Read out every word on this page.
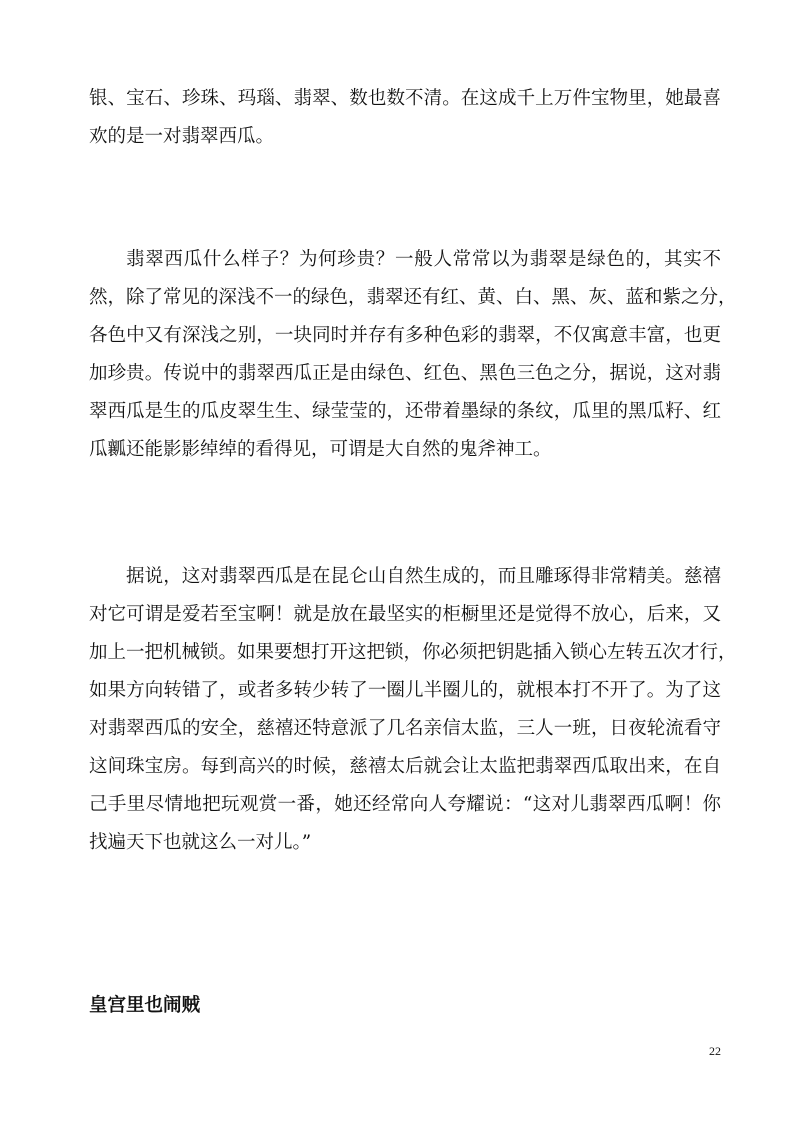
银、宝石、珍珠、玛瑙、翡翠、数也数不清。在这成千上万件宝物里，她最喜
欢的是一对翡翠西瓜。
翡翠西瓜什么样子？为何珍贵？一般人常常以为翡翠是绿色的，其实不
然，除了常见的深浅不一的绿色，翡翠还有红、黄、白、黑、灰、蓝和紫之分，
各色中又有深浅之别，一块同时并存有多种色彩的翡翠，不仅寓意丰富，也更
加珍贵。传说中的翡翠西瓜正是由绿色、红色、黑色三色之分，据说，这对翡
翠西瓜是生的瓜皮翠生生、绿莹莹的，还带着墨绿的条纹，瓜里的黑瓜籽、红
瓜瓤还能影影绰绰的看得见，可谓是大自然的鬼斧神工。
据说，这对翡翠西瓜是在昆仑山自然生成的，而且雕琢得非常精美。慈禧
对它可谓是爱若至宝啊！就是放在最坚实的柜橱里还是觉得不放心，后来，又
加上一把机械锁。如果要想打开这把锁，你必须把钥匙插入锁心左转五次才行，
如果方向转错了，或者多转少转了一圈儿半圈儿的，就根本打不开了。为了这
对翡翠西瓜的安全，慈禧还特意派了几名亲信太监，三人一班，日夜轮流看守
这间珠宝房。每到高兴的时候，慈禧太后就会让太监把翡翠西瓜取出来，在自
己手里尽情地把玩观赏一番，她还经常向人夸耀说：“这对儿翡翠西瓜啊！你
找遍天下也就这么一对儿。”
皇宫里也闹贼
22
